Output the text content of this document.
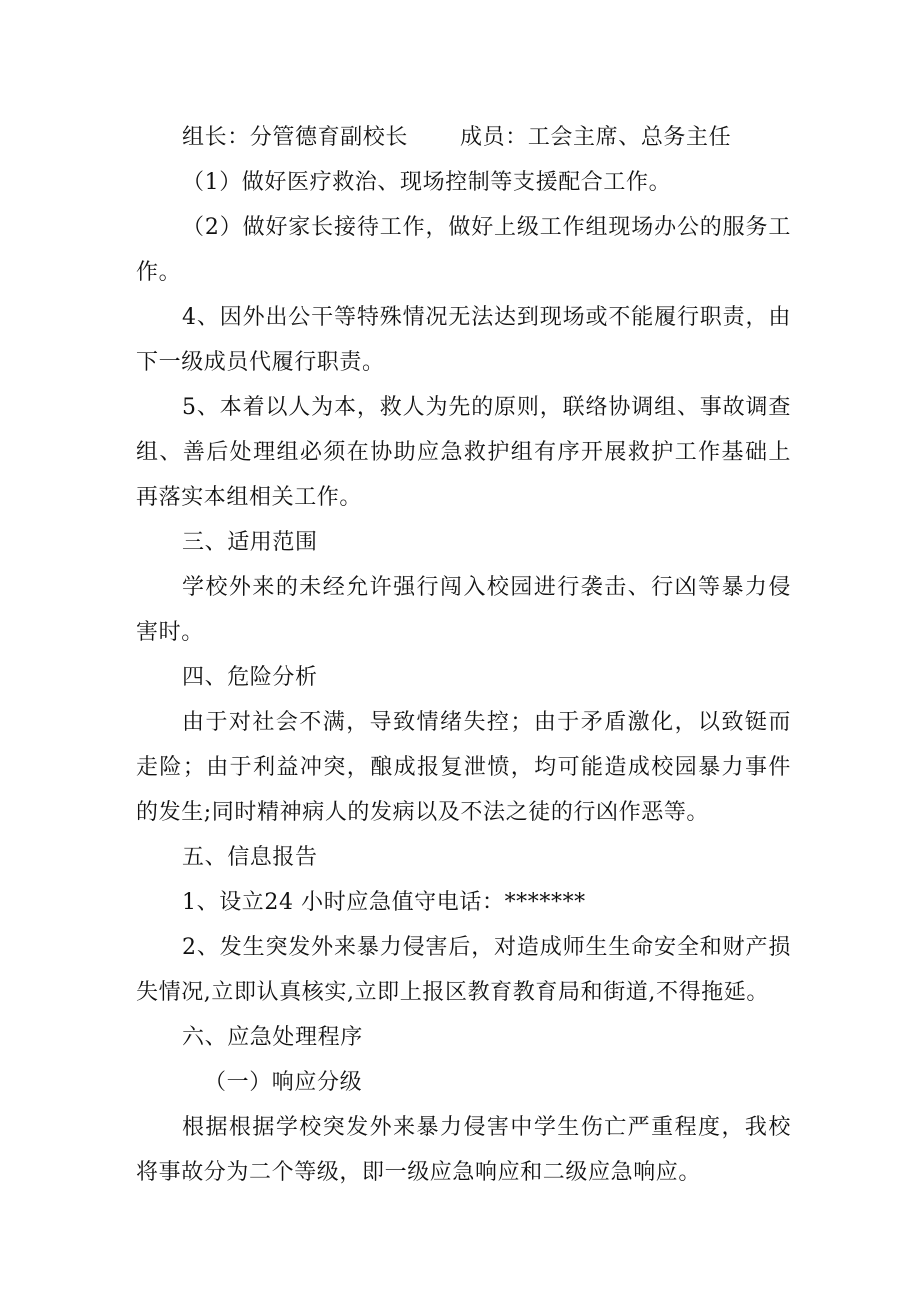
组长：分管德育副校长 成员：工会主席、总务主任

（1）做好医疗救治、现场控制等支援配合工作。

（2）做好家长接待工作，做好上级工作组现场办公的服务工作。

4、因外出公干等特殊情况无法达到现场或不能履行职责，由下一级成员代履行职责。

5、本着以人为本，救人为先的原则，联络协调组、事故调查组、善后处理组必须在协助应急救护组有序开展救护工作基础上再落实本组相关工作。

三、适用范围

学校外来的未经允许强行闯入校园进行袭击、行凶等暴力侵害时。

四、危险分析

由于对社会不满，导致情绪失控；由于矛盾激化，以致铤而走险；由于利益冲突，酿成报复泄愤，均可能造成校园暴力事件的发生;同时精神病人的发病以及不法之徒的行凶作恶等。

五、信息报告

1、设立24 小时应急值守电话：*******

2、发生突发外来暴力侵害后，对造成师生生命安全和财产损失情况,立即认真核实,立即上报区教育教育局和街道,不得拖延。

六、应急处理程序

（一）响应分级

根据根据学校突发外来暴力侵害中学生伤亡严重程度，我校将事故分为二个等级，即一级应急响应和二级应急响应。
